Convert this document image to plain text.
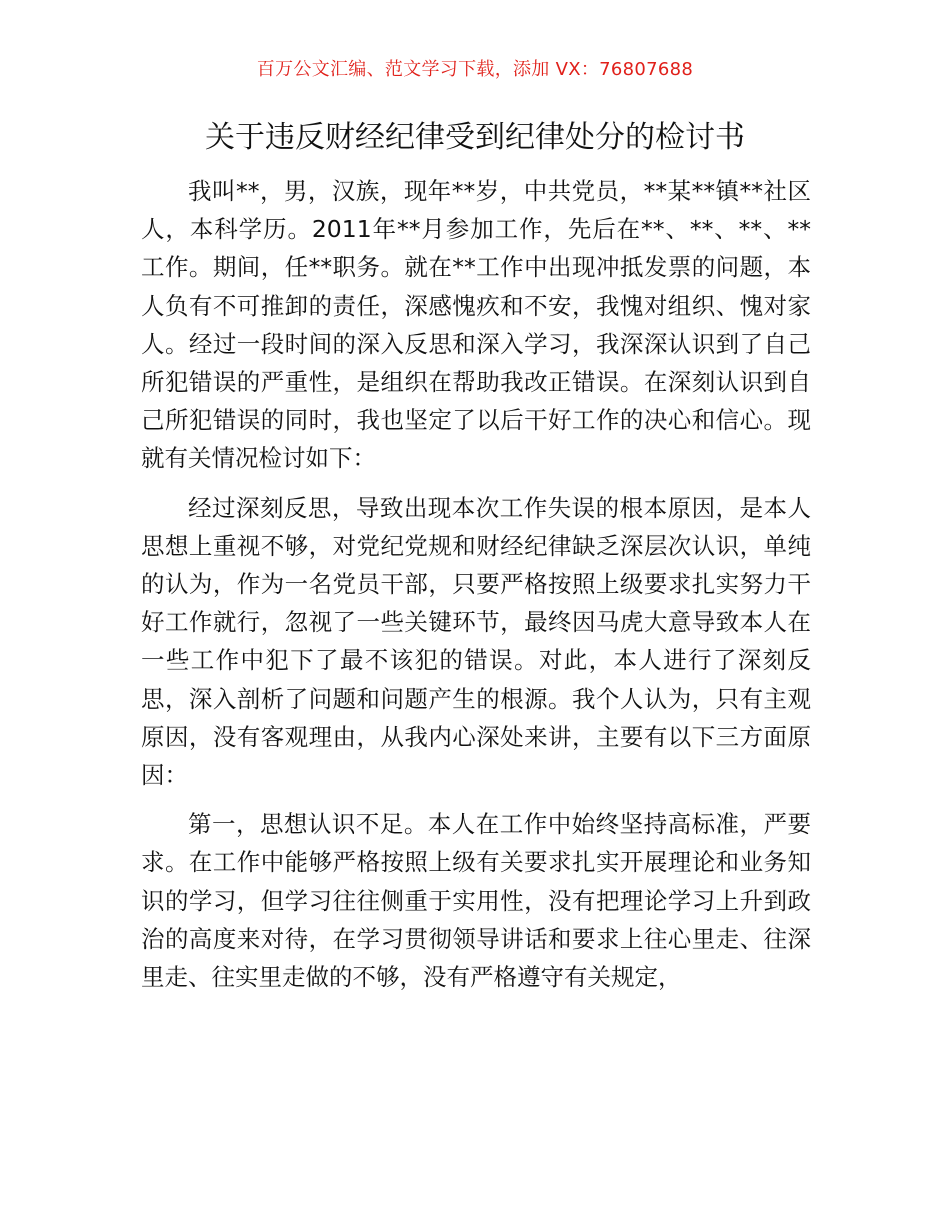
百万公文汇编、范文学习下载，添加 VX：76807688
关于违反财经纪律受到纪律处分的检讨书

我叫**，男，汉族，现年**岁，中共党员，**某**镇**社区人，本科学历。2011年**月参加工作，先后在**、**、**、**工作。期间，任**职务。就在**工作中出现冲抵发票的问题，本人负有不可推卸的责任，深感愧疚和不安，我愧对组织、愧对家人。经过一段时间的深入反思和深入学习，我深深认识到了自己所犯错误的严重性，是组织在帮助我改正错误。在深刻认识到自己所犯错误的同时，我也坚定了以后干好工作的决心和信心。现就有关情况检讨如下：

经过深刻反思，导致出现本次工作失误的根本原因，是本人思想上重视不够，对党纪党规和财经纪律缺乏深层次认识，单纯的认为，作为一名党员干部，只要严格按照上级要求扎实努力干好工作就行，忽视了一些关键环节，最终因马虎大意导致本人在一些工作中犯下了最不该犯的错误。对此，本人进行了深刻反思，深入剖析了问题和问题产生的根源。我个人认为，只有主观原因，没有客观理由，从我内心深处来讲，主要有以下三方面原因：

第一，思想认识不足。本人在工作中始终坚持高标准，严要求。在工作中能够严格按照上级有关要求扎实开展理论和业务知识的学习，但学习往往侧重于实用性，没有把理论学习上升到政治的高度来对待，在学习贯彻领导讲话和要求上往心里走、往深里走、往实里走做的不够，没有严格遵守有关规定，
